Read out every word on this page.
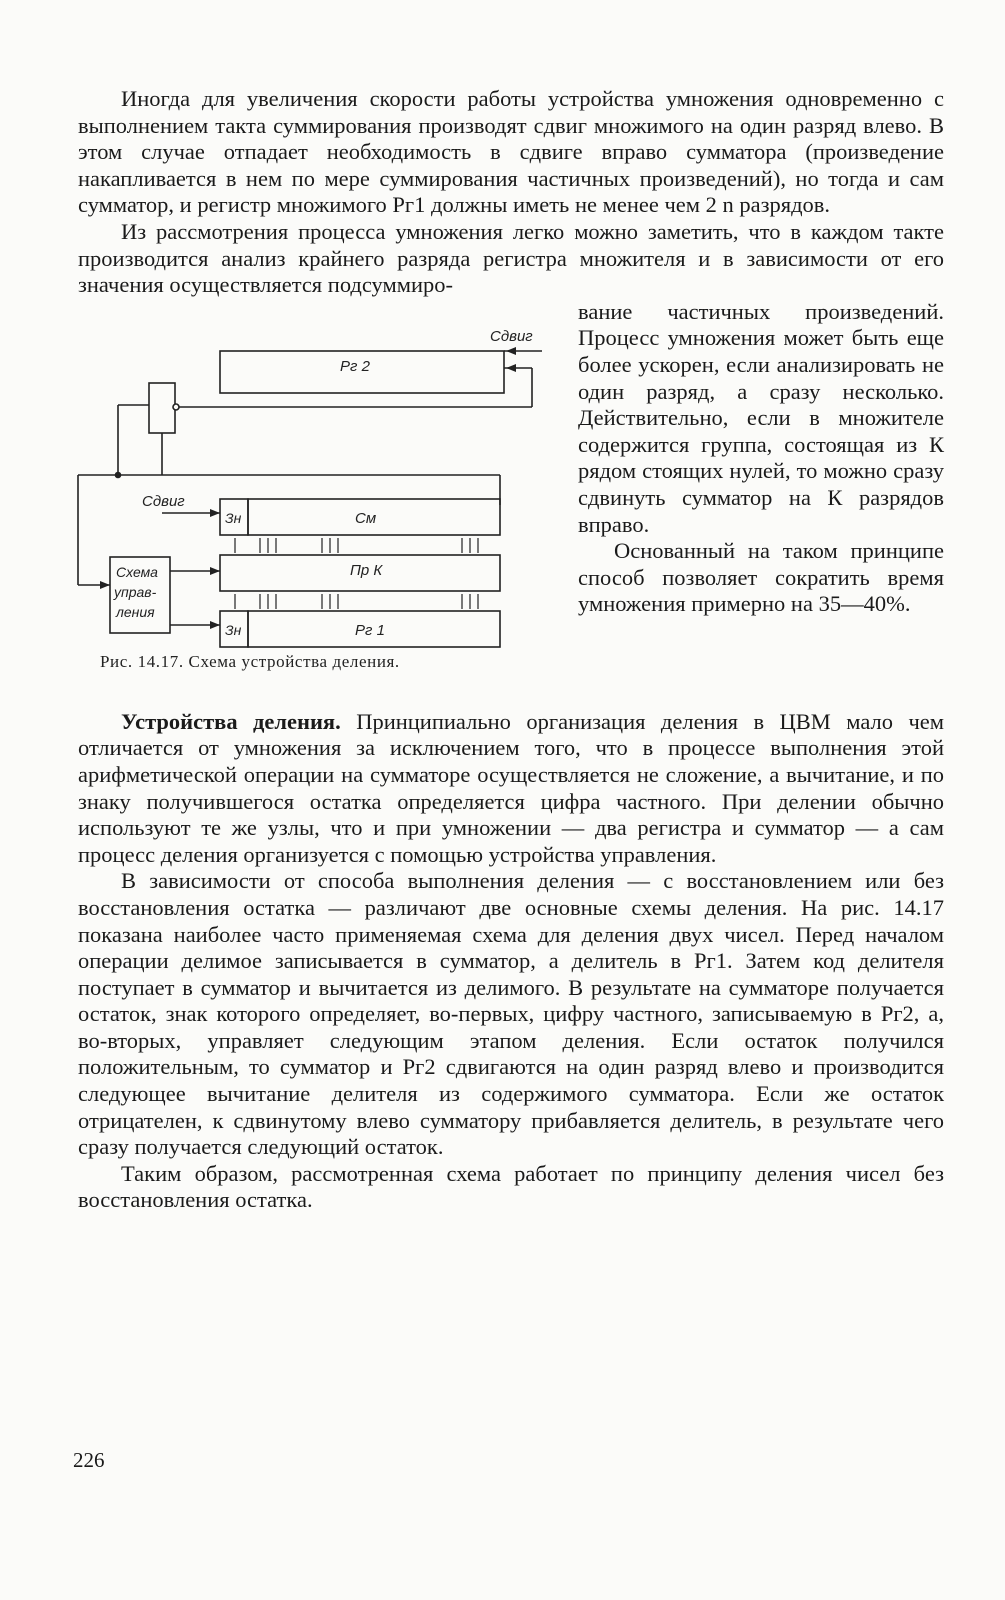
Иногда для увеличения скорости работы устройства умножения одновременно с выполнением такта суммирования производят сдвиг множимого на один разряд влево. В этом случае отпадает необходимость в сдвиге вправо сумматора (произведение накапливается в нем по мере суммирования частичных произведений), но тогда и сам сумматор, и регистр множимого Рг1 должны иметь не менее чем 2 n разрядов.

Из рассмотрения процесса умножения легко можно заметить, что в каждом такте производится анализ крайнего разряда регистра множителя и в зависимости от его значения осуществляется подсуммиро-

Рг 2
Сдвиг
Сдвиг
Зн	См
Пр К
Схема
управ-
ления
Зн	Рг 1
Рис. 14.17. Схема устройства деления.

вание частичных произведений. Процесс умножения может быть еще более ускорен, если анализировать не один разряд, а сразу несколько. Действительно, если в множителе содержится группа, состоящая из К рядом стоящих нулей, то можно сразу сдвинуть сумматор на К разрядов вправо.

Основанный на таком принципе способ позволяет сократить время умножения примерно на 35—40%.

Устройства деления. Принципиально организация деления в ЦВМ мало чем отличается от умножения за исключением того, что в процессе выполнения этой арифметической операции на сумматоре осуществляется не сложение, а вычитание, и по знаку получившегося остатка определяется цифра частного. При делении обычно используют те же узлы, что и при умножении — два регистра и сумматор — а сам процесс деления организуется с помощью устройства управления.

В зависимости от способа выполнения деления — с восстановлением или без восстановления остатка — различают две основные схемы деления. На рис. 14.17 показана наиболее часто применяемая схема для деления двух чисел. Перед началом операции делимое записывается в сумматор, а делитель в Рг1. Затем код делителя поступает в сумматор и вычитается из делимого. В результате на сумматоре получается остаток, знак которого определяет, во-первых, цифру частного, записываемую в Рг2, а, во-вторых, управляет следующим этапом деления. Если остаток получился положительным, то сумматор и Рг2 сдвигаются на один разряд влево и производится следующее вычитание делителя из содержимого сумматора. Если же остаток отрицателен, к сдвинутому влево сумматору прибавляется делитель, в результате чего сразу получается следующий остаток.

Таким образом, рассмотренная схема работает по принципу деления чисел без восстановления остатка.

226
